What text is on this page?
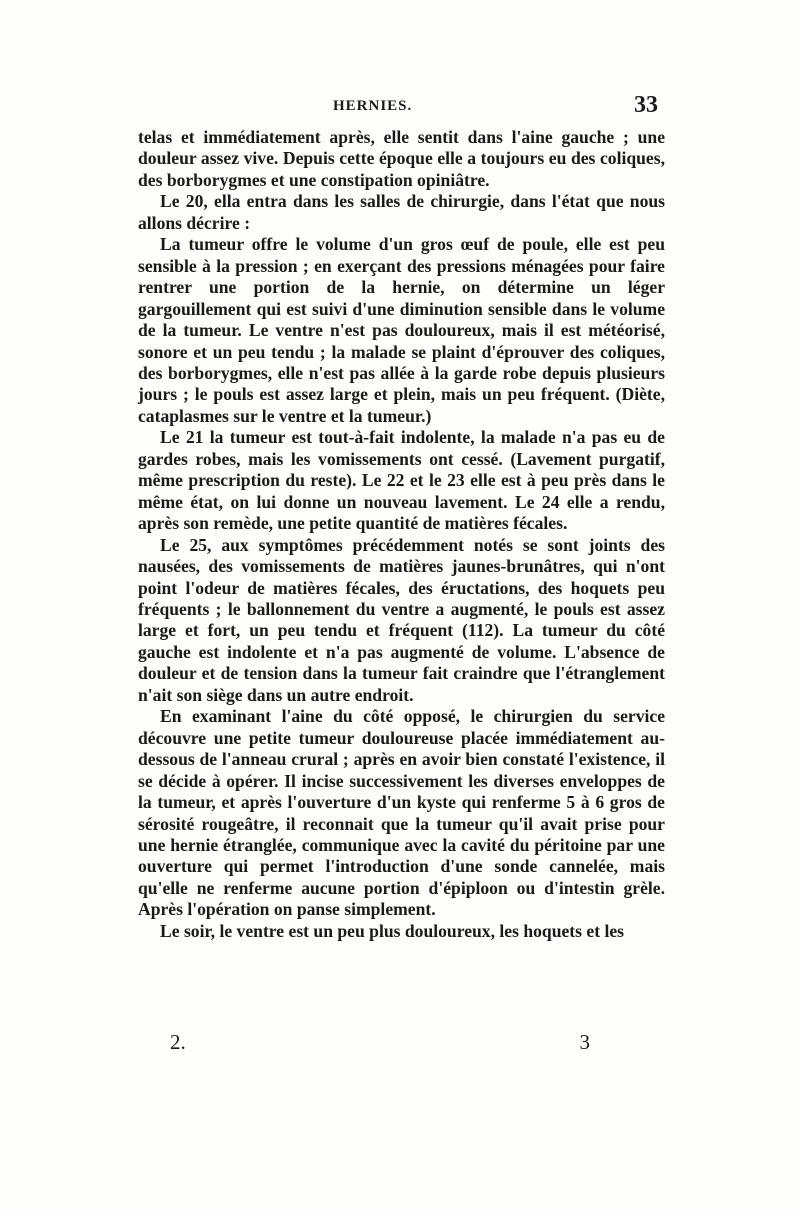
HERNIES.	33

telas et immédiatement après, elle sentit dans l'aine gauche ; une douleur assez vive. Depuis cette époque elle a toujours eu des coliques, des borborygmes et une constipation opiniâtre.

Le 20, ella entra dans les salles de chirurgie, dans l'état que nous allons décrire :

La tumeur offre le volume d'un gros œuf de poule, elle est peu sensible à la pression ; en exerçant des pressions ménagées pour faire rentrer une portion de la hernie, on détermine un léger gargouillement qui est suivi d'une diminution sensible dans le volume de la tumeur. Le ventre n'est pas douloureux, mais il est météorisé, sonore et un peu tendu ; la malade se plaint d'éprouver des coliques, des borborygmes, elle n'est pas allée à la garde robe depuis plusieurs jours ; le pouls est assez large et plein, mais un peu fréquent. (Diète, cataplasmes sur le ventre et la tumeur.)

Le 21 la tumeur est tout-à-fait indolente, la malade n'a pas eu de gardes robes, mais les vomissements ont cessé. (Lavement purgatif, même prescription du reste). Le 22 et le 23 elle est à peu près dans le même état, on lui donne un nouveau lavement. Le 24 elle a rendu, après son remède, une petite quantité de matières fécales.

Le 25, aux symptômes précédemment notés se sont joints des nausées, des vomissements de matières jaunes-brunâtres, qui n'ont point l'odeur de matières fécales, des éructations, des hoquets peu fréquents ; le ballonnement du ventre a augmenté, le pouls est assez large et fort, un peu tendu et fréquent (112). La tumeur du côté gauche est indolente et n'a pas augmenté de volume. L'absence de douleur et de tension dans la tumeur fait craindre que l'étranglement n'ait son siège dans un autre endroit.

En examinant l'aine du côté opposé, le chirurgien du service découvre une petite tumeur douloureuse placée immédiatement au-dessous de l'anneau crural ; après en avoir bien constaté l'existence, il se décide à opérer. Il incise successivement les diverses enveloppes de la tumeur, et après l'ouverture d'un kyste qui renferme 5 à 6 gros de sérosité rougeâtre, il reconnait que la tumeur qu'il avait prise pour une hernie étranglée, communique avec la cavité du péritoine par une ouverture qui permet l'introduction d'une sonde cannelée, mais qu'elle ne renferme aucune portion d'épiploon ou d'intestin grèle. Après l'opération on panse simplement.

Le soir, le ventre est un peu plus douloureux, les hoquets et les

2.	3
